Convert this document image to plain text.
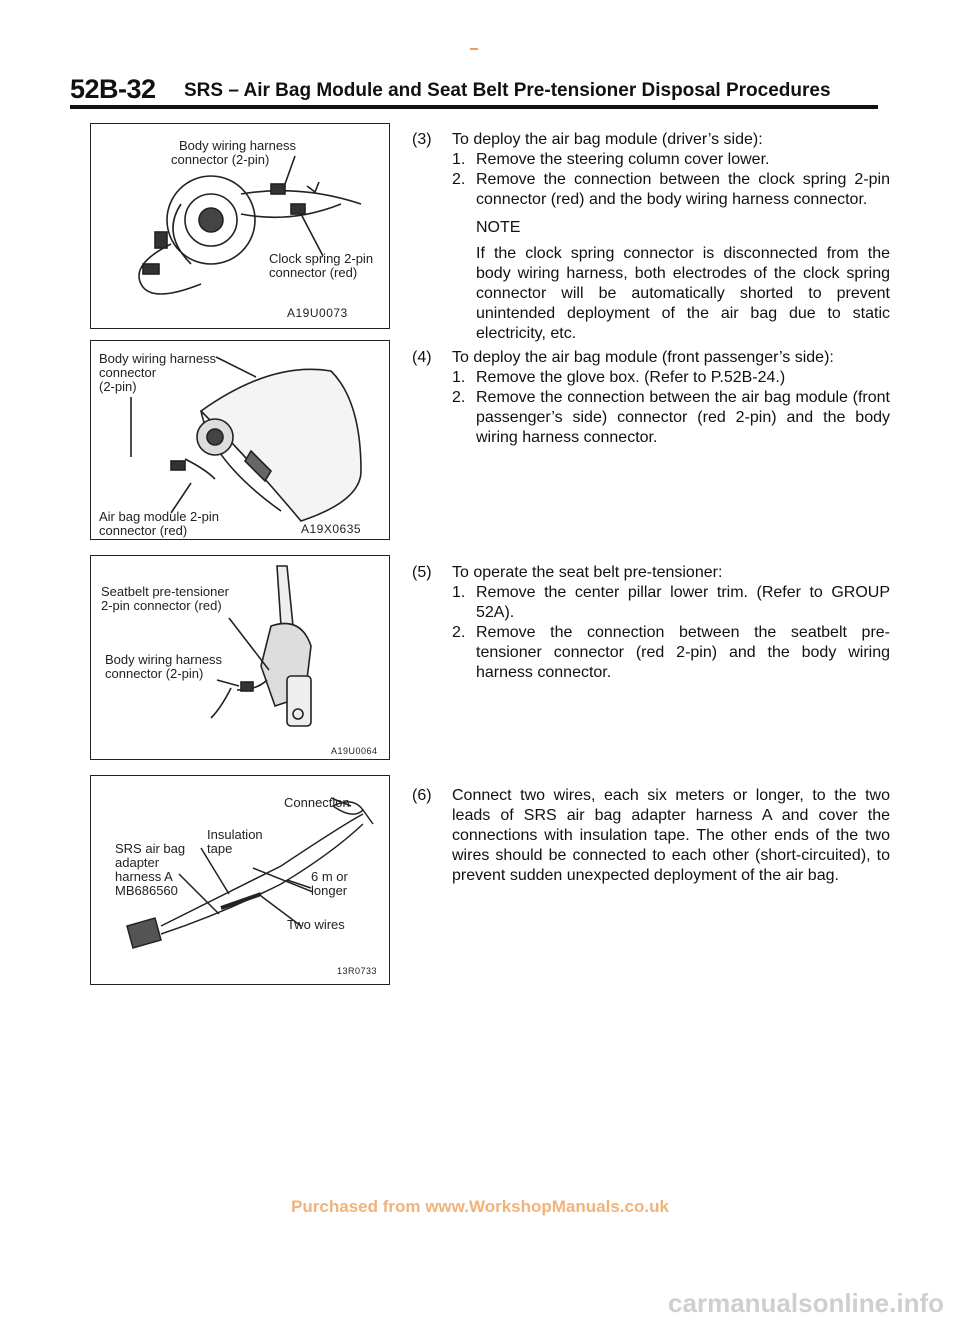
52B-32 SRS – Air Bag Module and Seat Belt Pre-tensioner Disposal Procedures
Body wiring harness
connector (2-pin)
Clock spring 2-pin
connector (red)
A19U0073
Body wiring harness
connector
(2-pin)
Air bag module 2-pin
connector (red)	A19X0635
Seatbelt pre-tensioner
2-pin connector (red)
Body wiring harness
connector (2-pin)
A19U0064
Connection
Insulation
tape
SRS air bag
adapter
harness A
MB686560
6 m or
longer
Two wires
13R0733
(3) To deploy the air bag module (driver’s side):
1. Remove the steering column cover lower.
2. Remove the connection between the clock spring 2-pin connector (red) and the body wiring harness connector.
NOTE
If the clock spring connector is disconnected from the body wiring harness, both electrodes of the clock spring connector will be automatically shorted to prevent unintended deployment of the air bag due to static electricity, etc.
(4) To deploy the air bag module (front passenger’s side):
1. Remove the glove box. (Refer to P.52B-24.)
2. Remove the connection between the air bag module (front passenger’s side) connector (red 2-pin) and the body wiring harness connector.
(5) To operate the seat belt pre-tensioner:
1. Remove the center pillar lower trim. (Refer to GROUP 52A).
2. Remove the connection between the seatbelt pre-tensioner connector (red 2-pin) and the body wiring harness connector.
(6) Connect two wires, each six meters or longer, to the two leads of SRS air bag adapter harness A and cover the connections with insulation tape. The other ends of the two wires should be connected to each other (short-circuited), to prevent sudden unexpected deployment of the air bag.
Purchased from www.WorkshopManuals.co.uk
carmanualsonline.info
